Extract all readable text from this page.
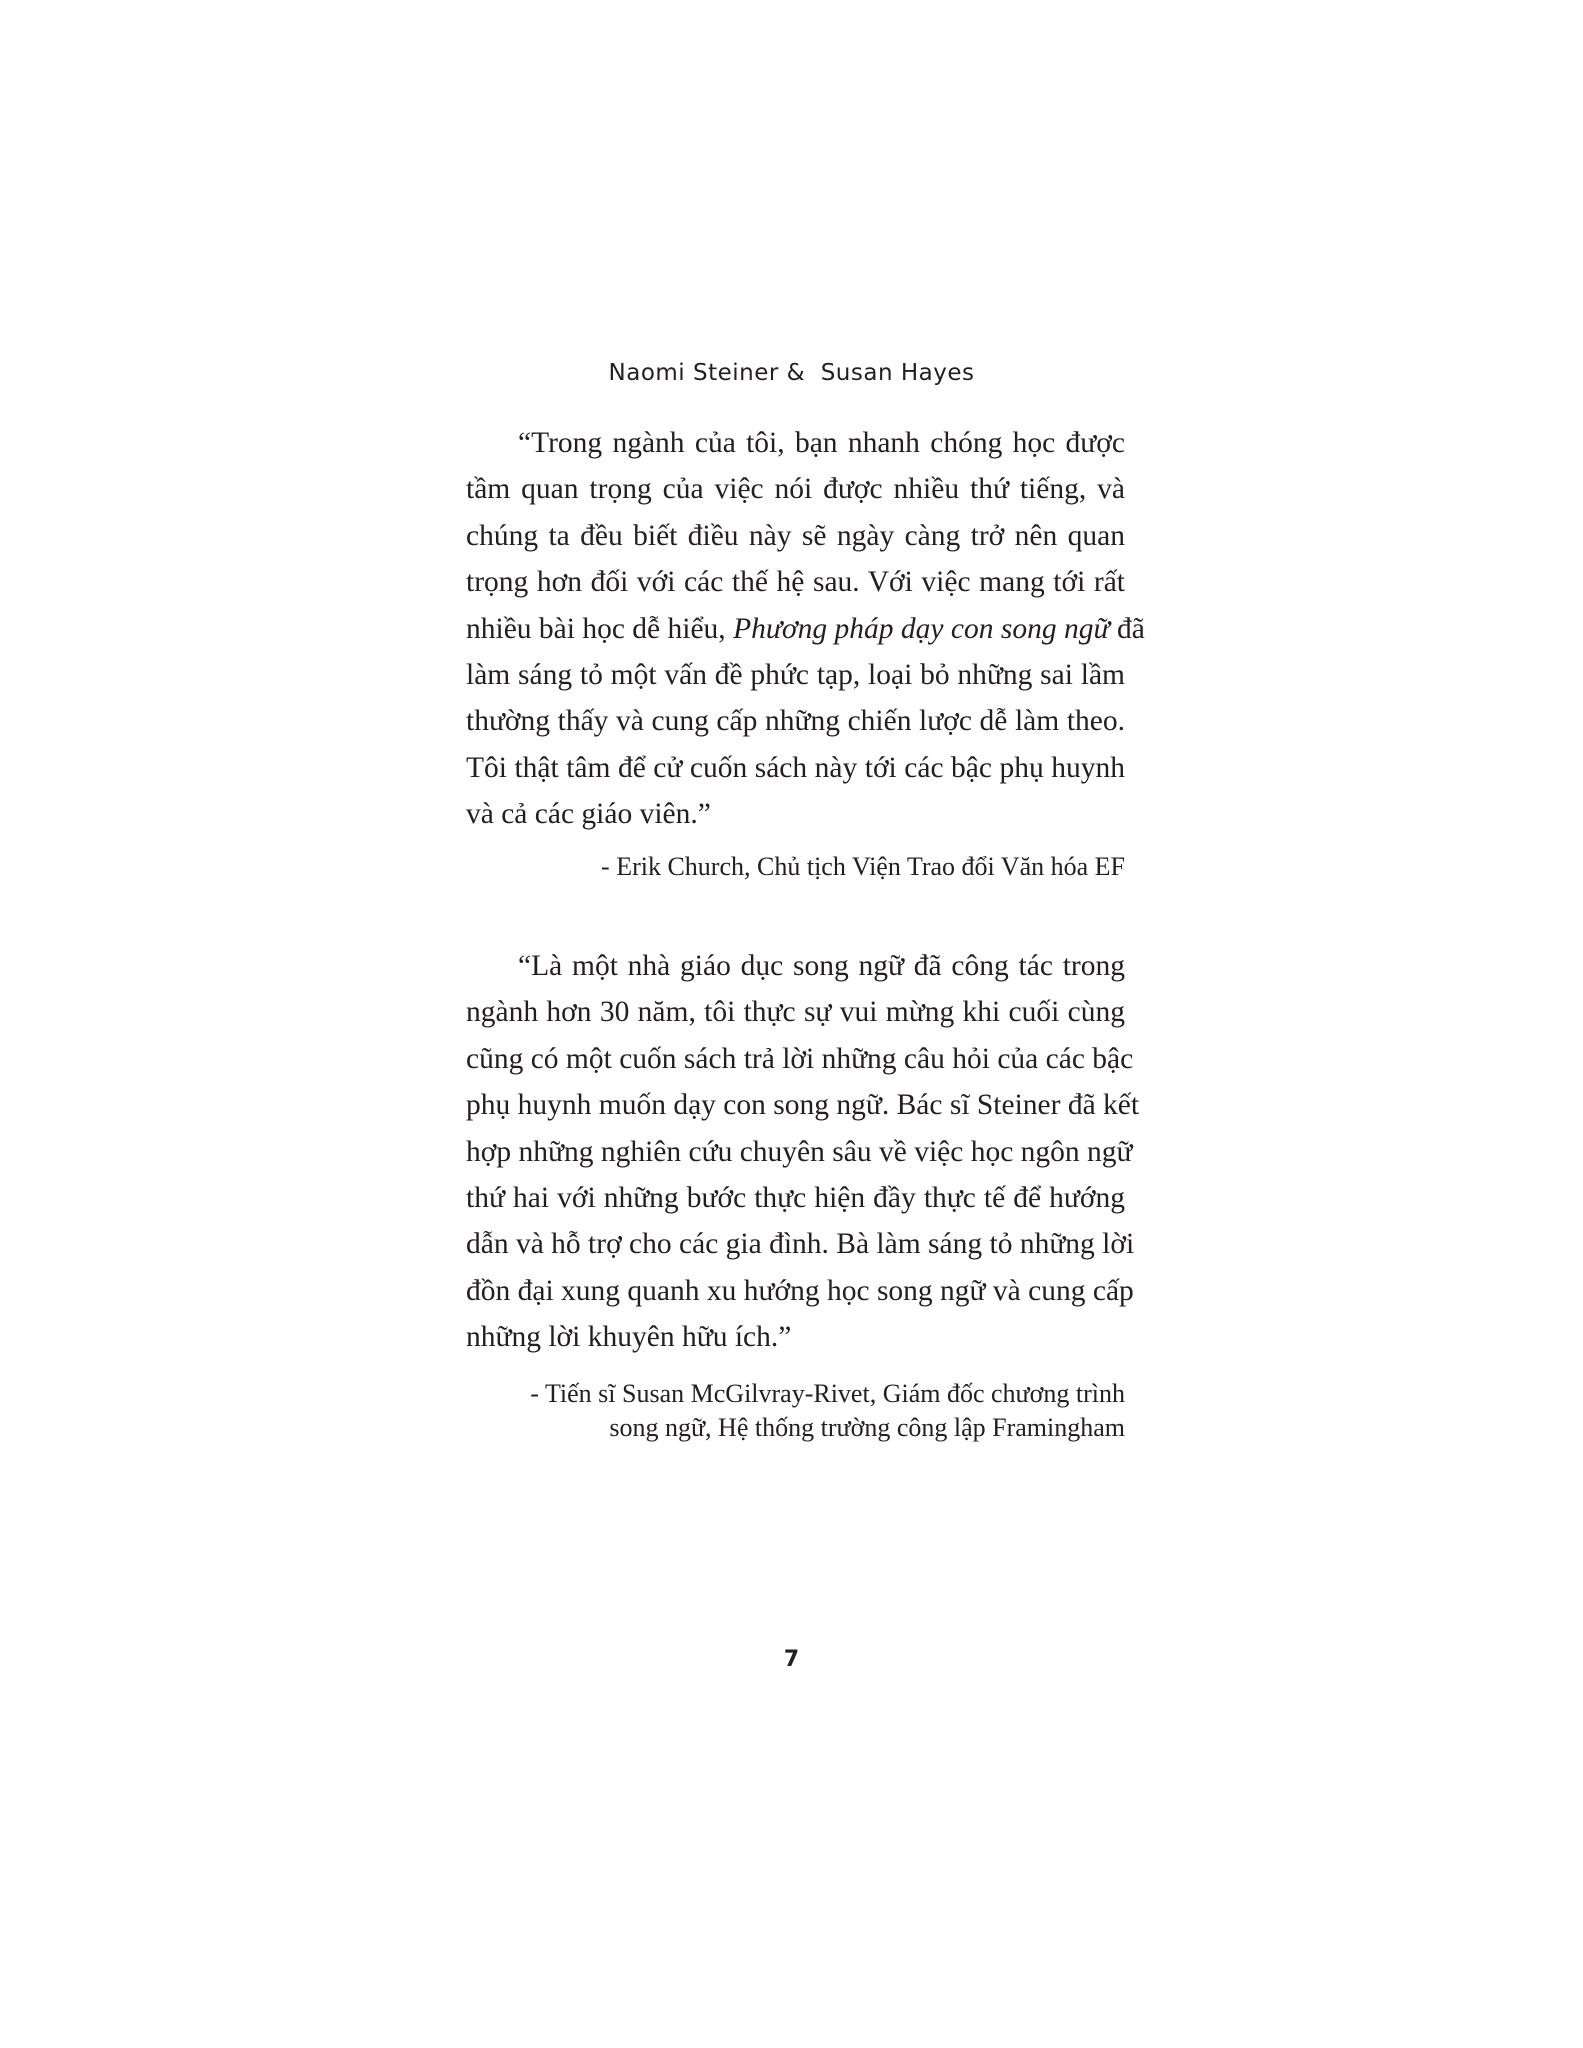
Naomi Steiner &  Susan Hayes
“Trong ngành của tôi, bạn nhanh chóng học được
tầm quan trọng của việc nói được nhiều thứ tiếng, và
chúng ta đều biết điều này sẽ ngày càng trở nên quan
trọng hơn đối với các thế hệ sau. Với việc mang tới rất
nhiều bài học dễ hiểu, Phương pháp dạy con song ngữ đã
làm sáng tỏ một vấn đề phức tạp, loại bỏ những sai lầm
thường thấy và cung cấp những chiến lược dễ làm theo.
Tôi thật tâm để cử cuốn sách này tới các bậc phụ huynh
và cả các giáo viên.”
- Erik Church, Chủ tịch Viện Trao đổi Văn hóa EF
“Là một nhà giáo dục song ngữ đã công tác trong
ngành hơn 30 năm, tôi thực sự vui mừng khi cuối cùng
cũng có một cuốn sách trả lời những câu hỏi của các bậc
phụ huynh muốn dạy con song ngữ. Bác sĩ Steiner đã kết
hợp những nghiên cứu chuyên sâu về việc học ngôn ngữ
thứ hai với những bước thực hiện đầy thực tế để hướng
dẫn và hỗ trợ cho các gia đình. Bà làm sáng tỏ những lời
đồn đại xung quanh xu hướng học song ngữ và cung cấp
những lời khuyên hữu ích.”
- Tiến sĩ Susan McGilvray-Rivet, Giám đốc chương trình
song ngữ, Hệ thống trường công lập Framingham
7
